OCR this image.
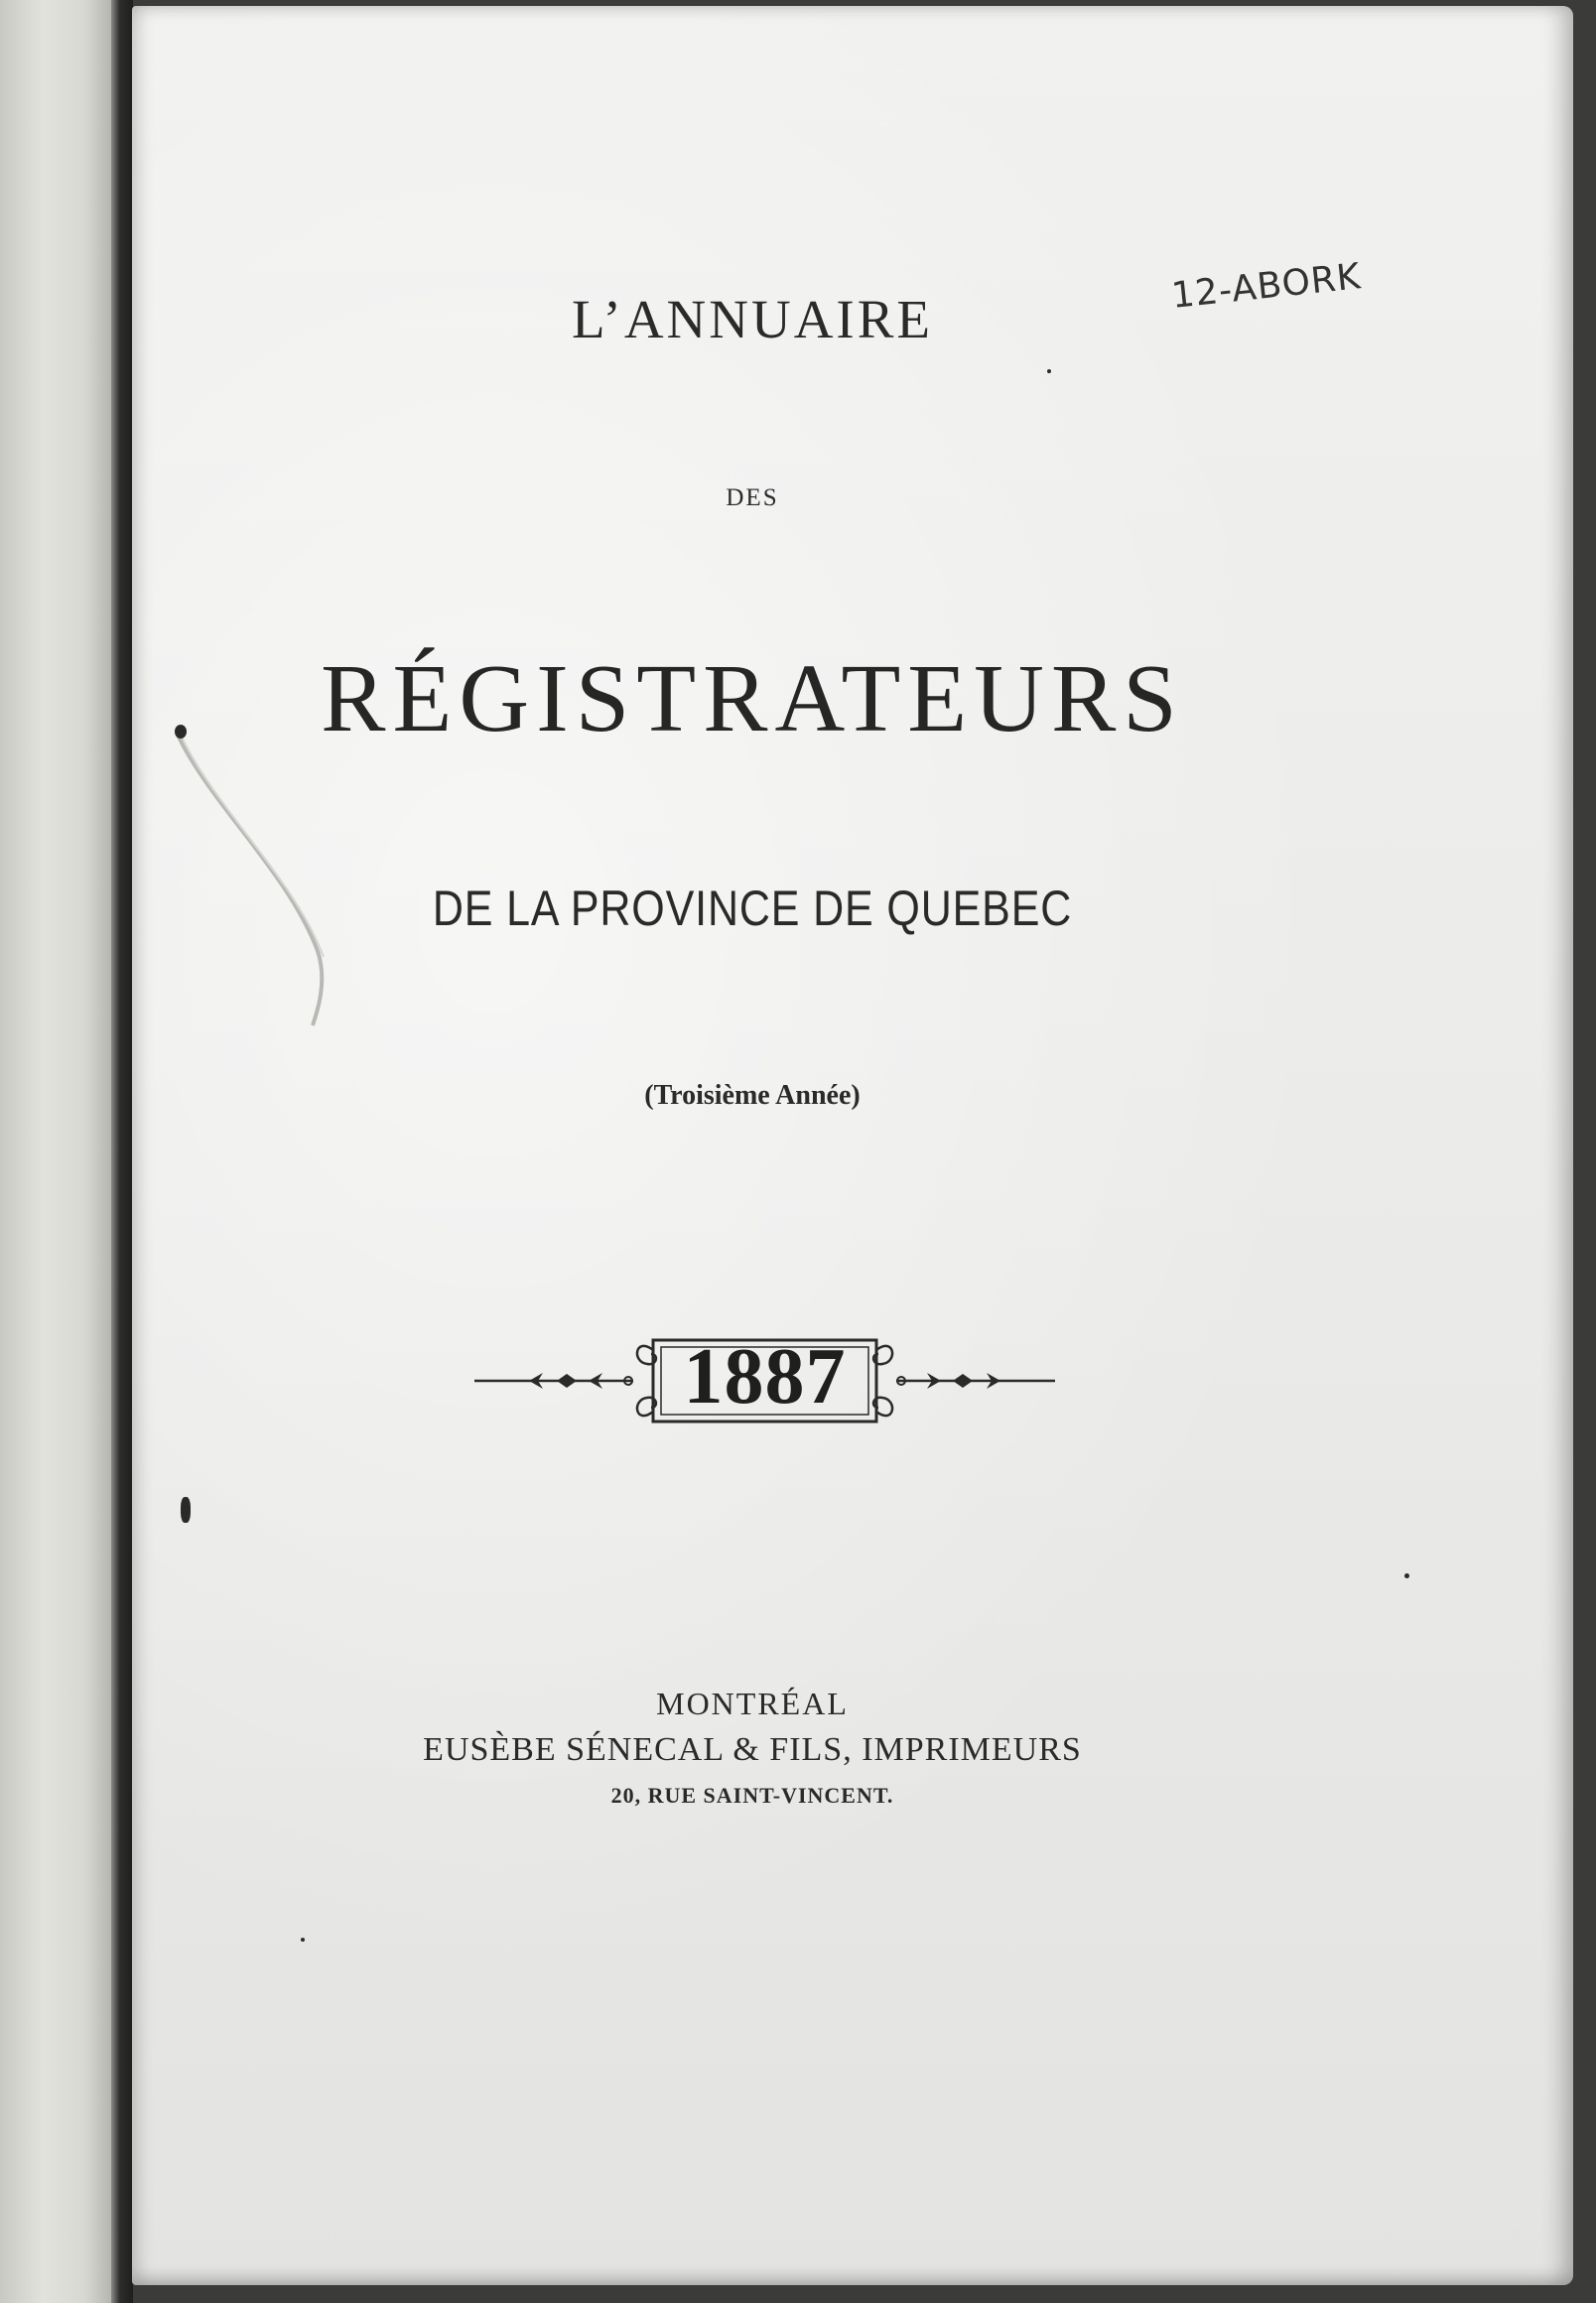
12-ABORK
L’ANNUAIRE
DES
RÉGISTRATEURS
DE LA PROVINCE DE QUEBEC
(Troisième Année)
1887
MONTRÉAL
EUSÈBE SÉNECAL & FILS, IMPRIMEURS
20, RUE SAINT-VINCENT.
